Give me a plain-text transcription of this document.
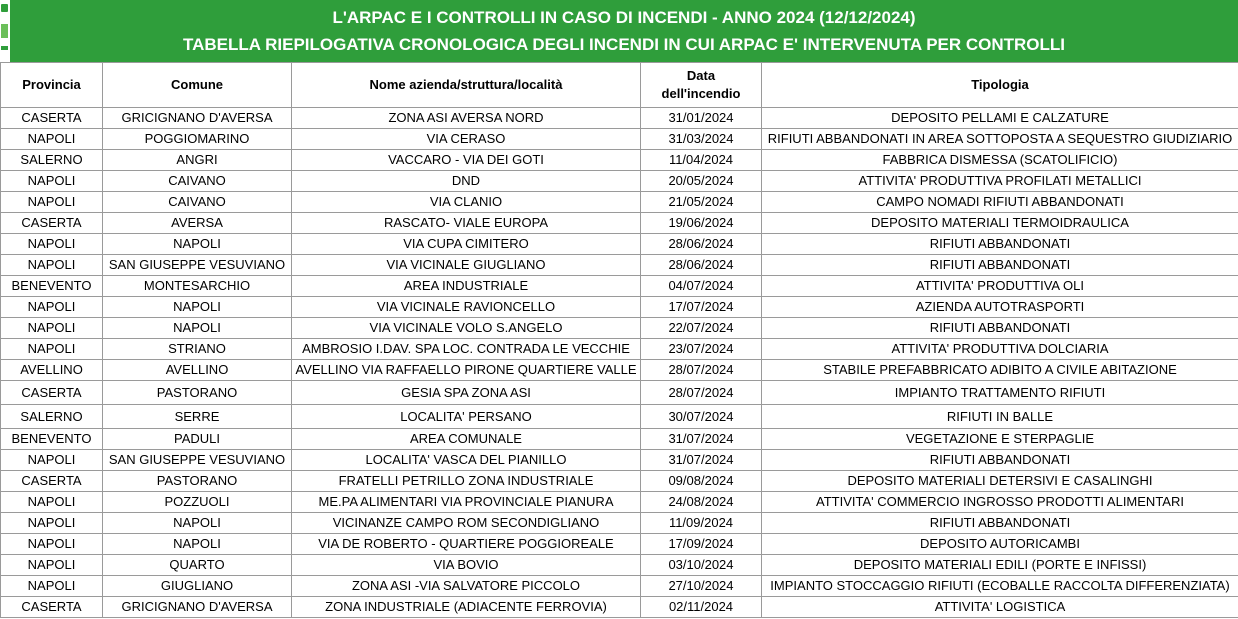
L'ARPAC E I CONTROLLI IN CASO DI INCENDI - ANNO 2024 (12/12/2024)
TABELLA RIEPILOGATIVA CRONOLOGICA DEGLI INCENDI IN CUI ARPAC E' INTERVENUTA PER CONTROLLI
Provincia	Comune	Nome azienda/struttura/località	Data dell'incendio	Tipologia
CASERTA	GRICIGNANO D'AVERSA	ZONA ASI AVERSA NORD	31/01/2024	DEPOSITO PELLAMI E CALZATURE
NAPOLI	POGGIOMARINO	VIA CERASO	31/03/2024	RIFIUTI ABBANDONATI IN AREA SOTTOPOSTA A SEQUESTRO GIUDIZIARIO
SALERNO	ANGRI	VACCARO - VIA DEI GOTI	11/04/2024	FABBRICA DISMESSA (SCATOLIFICIO)
NAPOLI	CAIVANO	DND	20/05/2024	ATTIVITA' PRODUTTIVA PROFILATI METALLICI
NAPOLI	CAIVANO	VIA CLANIO	21/05/2024	CAMPO NOMADI RIFIUTI ABBANDONATI
CASERTA	AVERSA	RASCATO- VIALE EUROPA	19/06/2024	DEPOSITO MATERIALI TERMOIDRAULICA
NAPOLI	NAPOLI	VIA CUPA CIMITERO	28/06/2024	RIFIUTI ABBANDONATI
NAPOLI	SAN GIUSEPPE VESUVIANO	VIA VICINALE GIUGLIANO	28/06/2024	RIFIUTI ABBANDONATI
BENEVENTO	MONTESARCHIO	AREA INDUSTRIALE	04/07/2024	ATTIVITA' PRODUTTIVA OLI
NAPOLI	NAPOLI	VIA VICINALE RAVIONCELLO	17/07/2024	AZIENDA AUTOTRASPORTI
NAPOLI	NAPOLI	VIA VICINALE VOLO S.ANGELO	22/07/2024	RIFIUTI ABBANDONATI
NAPOLI	STRIANO	AMBROSIO I.DAV. SPA LOC. CONTRADA LE VECCHIE	23/07/2024	ATTIVITA' PRODUTTIVA DOLCIARIA
AVELLINO	AVELLINO	AVELLINO VIA RAFFAELLO PIRONE QUARTIERE VALLE	28/07/2024	STABILE PREFABBRICATO ADIBITO A CIVILE ABITAZIONE
CASERTA	PASTORANO	GESIA SPA ZONA ASI	28/07/2024	IMPIANTO TRATTAMENTO RIFIUTI
SALERNO	SERRE	LOCALITA' PERSANO	30/07/2024	RIFIUTI IN BALLE
BENEVENTO	PADULI	AREA COMUNALE	31/07/2024	VEGETAZIONE E STERPAGLIE
NAPOLI	SAN GIUSEPPE VESUVIANO	LOCALITA' VASCA DEL PIANILLO	31/07/2024	RIFIUTI ABBANDONATI
CASERTA	PASTORANO	FRATELLI PETRILLO ZONA INDUSTRIALE	09/08/2024	DEPOSITO MATERIALI DETERSIVI E CASALINGHI
NAPOLI	POZZUOLI	ME.PA ALIMENTARI VIA PROVINCIALE PIANURA	24/08/2024	ATTIVITA' COMMERCIO INGROSSO PRODOTTI ALIMENTARI
NAPOLI	NAPOLI	VICINANZE CAMPO ROM SECONDIGLIANO	11/09/2024	RIFIUTI ABBANDONATI
NAPOLI	NAPOLI	VIA DE ROBERTO - QUARTIERE POGGIOREALE	17/09/2024	DEPOSITO AUTORICAMBI
NAPOLI	QUARTO	VIA BOVIO	03/10/2024	DEPOSITO MATERIALI EDILI (PORTE E INFISSI)
NAPOLI	GIUGLIANO	ZONA ASI -VIA SALVATORE PICCOLO	27/10/2024	IMPIANTO STOCCAGGIO RIFIUTI (ECOBALLE RACCOLTA DIFFERENZIATA)
CASERTA	GRICIGNANO D'AVERSA	ZONA INDUSTRIALE (ADIACENTE FERROVIA)	02/11/2024	ATTIVITA' LOGISTICA
